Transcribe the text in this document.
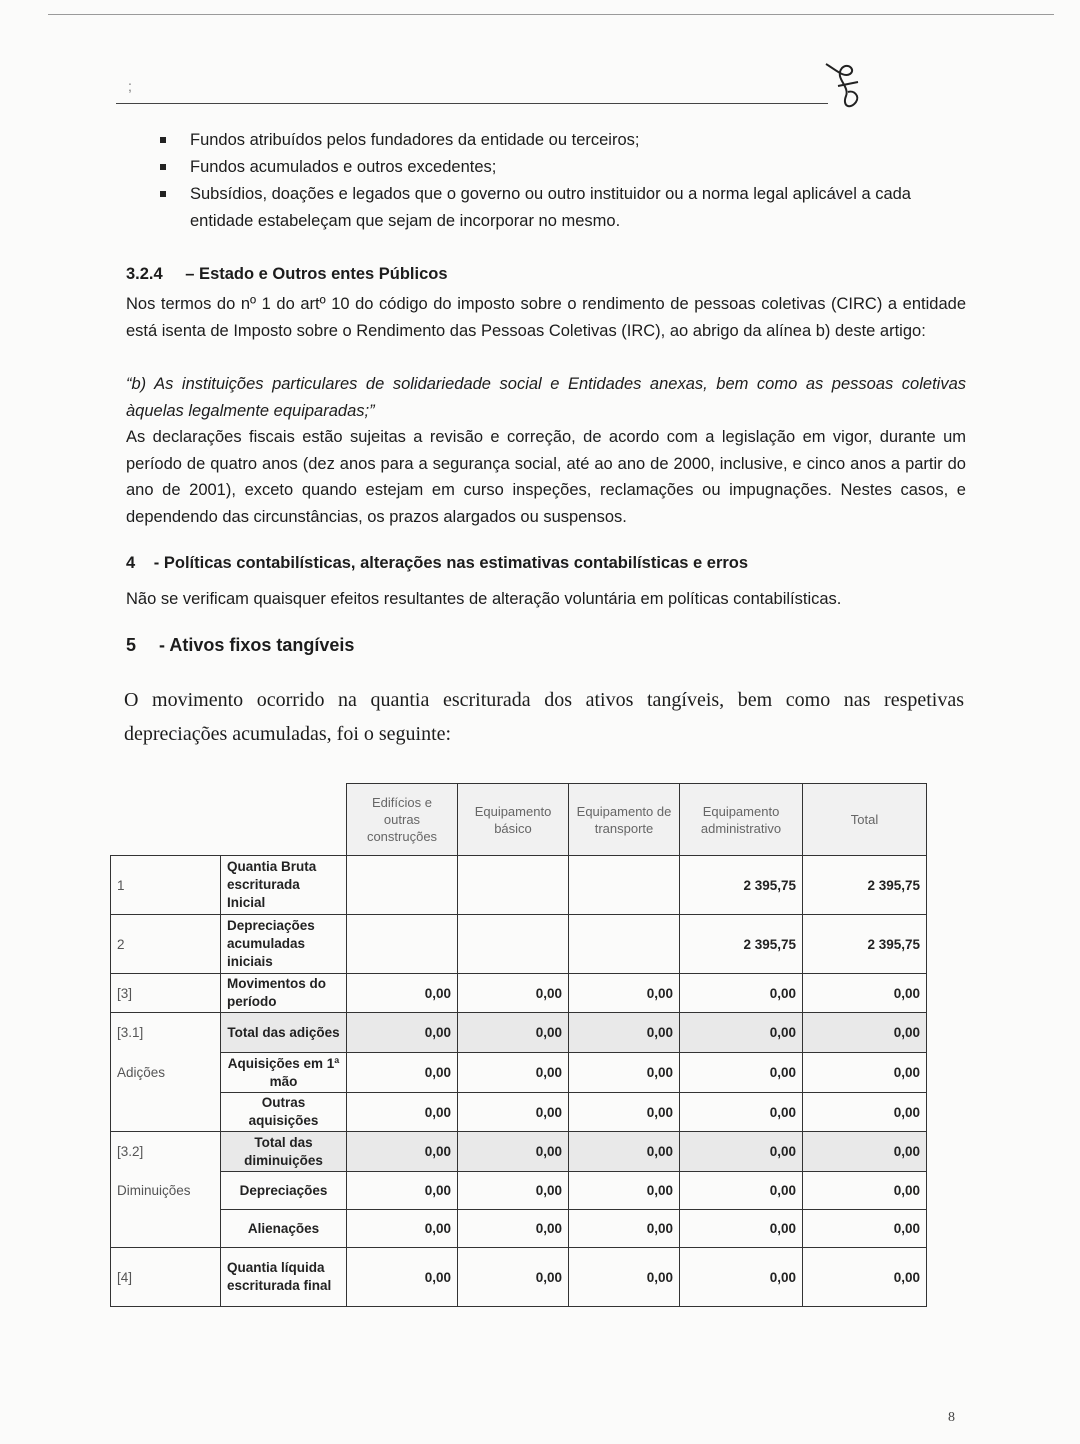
;
Fundos atribuídos pelos fundadores da entidade ou terceiros;
Fundos acumulados e outros excedentes;
Subsídios, doações e legados que o governo ou outro instituidor ou a norma legal aplicável a cada entidade estabeleçam que sejam de incorporar no mesmo.
3.2.4 – Estado e Outros entes Públicos
Nos termos do nº 1 do artº 10 do código do imposto sobre o rendimento de pessoas coletivas (CIRC) a entidade está isenta de Imposto sobre o Rendimento das Pessoas Coletivas (IRC), ao abrigo da alínea b) deste artigo:
“b) As instituições particulares de solidariedade social e Entidades anexas, bem como as pessoas coletivas àquelas legalmente equiparadas;”
As declarações fiscais estão sujeitas a revisão e correção, de acordo com a legislação em vigor, durante um período de quatro anos (dez anos para a segurança social, até ao ano de 2000, inclusive, e cinco anos a partir do ano de 2001), exceto quando estejam em curso inspeções, reclamações ou impugnações. Nestes casos, e dependendo das circunstâncias, os prazos alargados ou suspensos.
4 - Políticas contabilísticas, alterações nas estimativas contabilísticas e erros
Não se verificam quaisquer efeitos resultantes de alteração voluntária em políticas contabilísticas.
5 - Ativos fixos tangíveis
O movimento ocorrido na quantia escriturada dos ativos tangíveis, bem como nas respetivas depreciações acumuladas, foi o seguinte:
		Edifícios e outras construções	Equipamento básico	Equipamento de transporte	Equipamento administrativo	Total
1	Quantia Bruta escriturada Inicial				2 395,75	2 395,75
2	Depreciações acumuladas iniciais				2 395,75	2 395,75
[3]	Movimentos do período	0,00	0,00	0,00	0,00	0,00
[3.1]	Total das adições	0,00	0,00	0,00	0,00	0,00
Adições	Aquisições em 1ª mão	0,00	0,00	0,00	0,00	0,00
	Outras aquisições	0,00	0,00	0,00	0,00	0,00
[3.2]	Total das diminuições	0,00	0,00	0,00	0,00	0,00
Diminuições	Depreciações	0,00	0,00	0,00	0,00	0,00
	Alienações	0,00	0,00	0,00	0,00	0,00
[4]	Quantia líquida escriturada final	0,00	0,00	0,00	0,00	0,00
8
